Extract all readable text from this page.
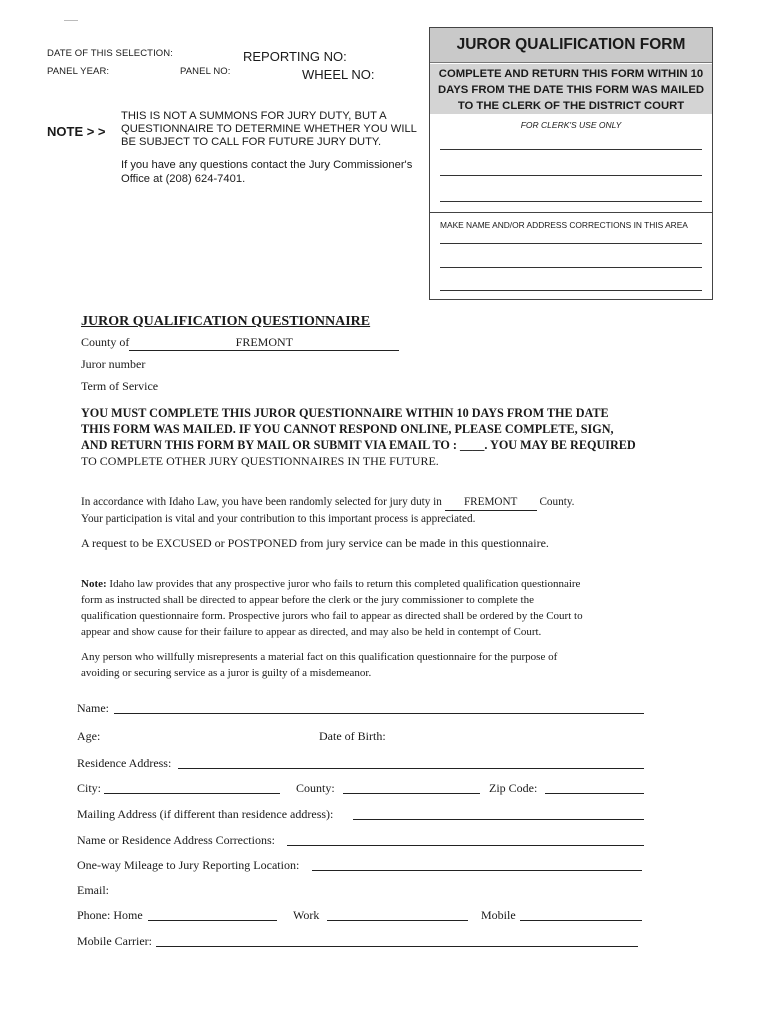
DATE OF THIS SELECTION:
PANEL YEAR:	PANEL NO:
REPORTING NO:
WHEEL NO:
JUROR QUALIFICATION FORM
COMPLETE AND RETURN THIS FORM WITHIN 10
DAYS FROM THE DATE THIS FORM WAS MAILED
TO THE CLERK OF THE DISTRICT COURT
FOR CLERK'S USE ONLY
MAKE NAME AND/OR ADDRESS CORRECTIONS IN THIS AREA
NOTE > >
THIS IS NOT A SUMMONS FOR JURY DUTY, BUT A
QUESTIONNAIRE TO DETERMINE WHETHER YOU WILL
BE SUBJECT TO CALL FOR FUTURE JURY DUTY.
If you have any questions contact the Jury Commissioner's
Office at (208) 624-7401.
JUROR QUALIFICATION QUESTIONNAIRE
County of	FREMONT
Juror number
Term of Service
YOU MUST COMPLETE THIS JUROR QUESTIONNAIRE WITHIN 10 DAYS FROM THE DATE
THIS FORM WAS MAILED. IF YOU CANNOT RESPOND ONLINE, PLEASE COMPLETE, SIGN,
AND RETURN THIS FORM BY MAIL OR SUBMIT VIA EMAIL TO : ____. YOU MAY BE REQUIRED
TO COMPLETE OTHER JURY QUESTIONNAIRES IN THE FUTURE.
In accordance with Idaho Law, you have been randomly selected for jury duty in FREMONT County.
Your participation is vital and your contribution to this important process is appreciated.
A request to be EXCUSED or POSTPONED from jury service can be made in this questionnaire.
Note: Idaho law provides that any prospective juror who fails to return this completed qualification questionnaire
form as instructed shall be directed to appear before the clerk or the jury commissioner to complete the
qualification questionnaire form. Prospective jurors who fail to appear as directed shall be ordered by the Court to
appear and show cause for their failure to appear as directed, and may also be held in contempt of Court.
Any person who willfully misrepresents a material fact on this qualification questionnaire for the purpose of
avoiding or securing service as a juror is guilty of a misdemeanor.
Name:
Age:	Date of Birth:
Residence Address:
City:	County:	Zip Code:
Mailing Address (if different than residence address):
Name or Residence Address Corrections:
One-way Mileage to Jury Reporting Location:
Email:
Phone: Home	Work	Mobile
Mobile Carrier:
